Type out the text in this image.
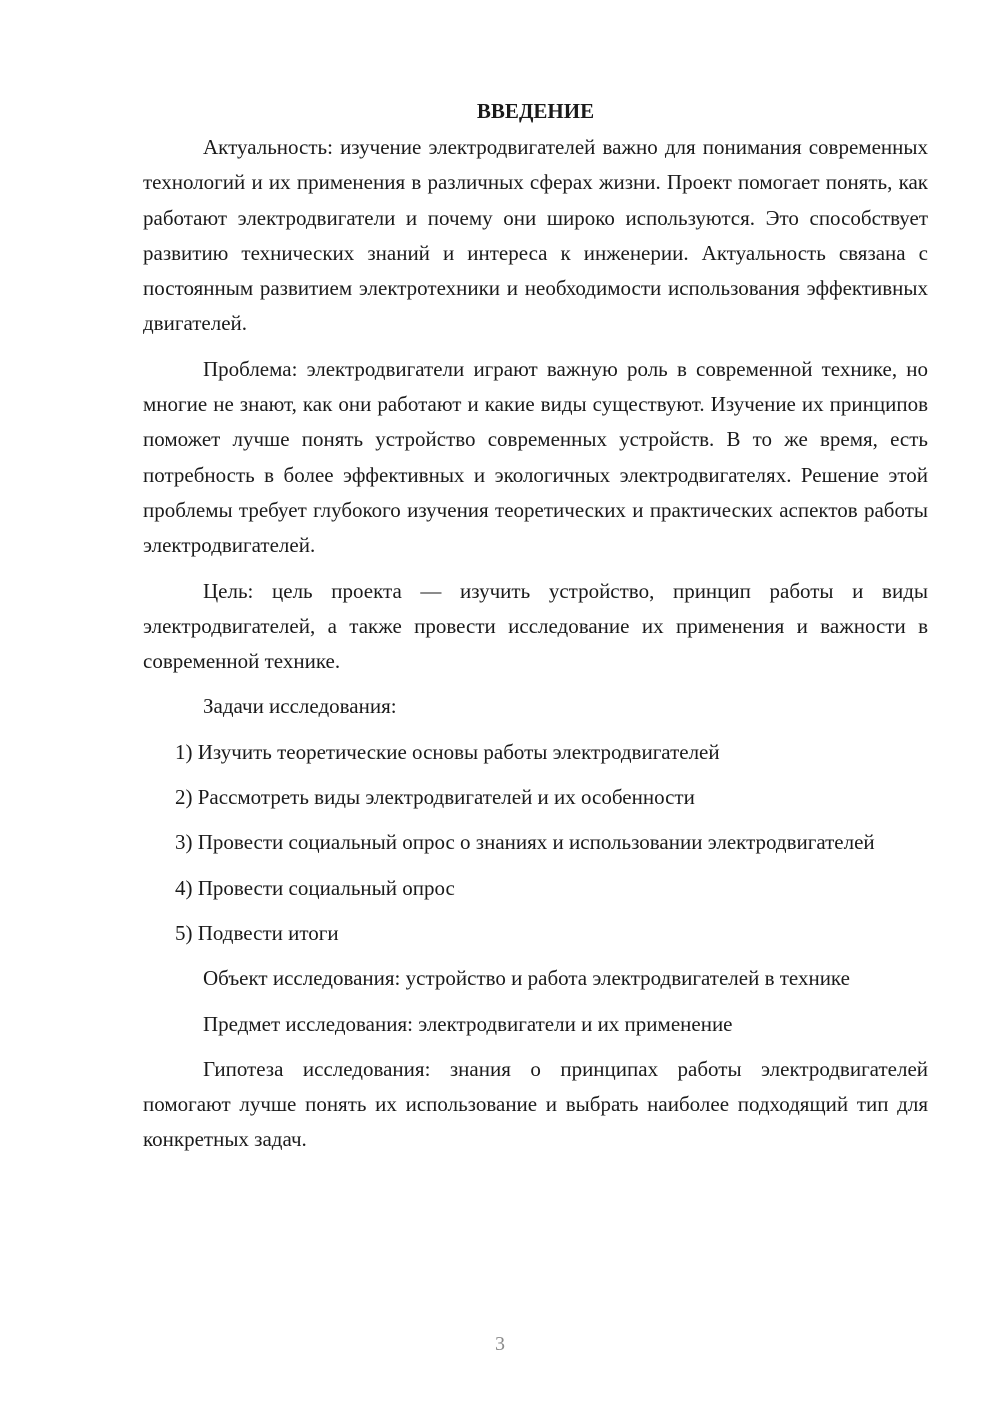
ВВЕДЕНИЕ

Актуальность: изучение электродвигателей важно для понимания современных технологий и их применения в различных сферах жизни. Проект помогает понять, как работают электродвигатели и почему они широко используются. Это способствует развитию технических знаний и интереса к инженерии. Актуальность связана с постоянным развитием электротехники и необходимости использования эффективных двигателей.

Проблема: электродвигатели играют важную роль в современной технике, но многие не знают, как они работают и какие виды существуют. Изучение их принципов поможет лучше понять устройство современных устройств. В то же время, есть потребность в более эффективных и экологичных электродвигателях. Решение этой проблемы требует глубокого изучения теоретических и практических аспектов работы электродвигателей.

Цель: цель проекта — изучить устройство, принцип работы и виды электродвигателей, а также провести исследование их применения и важности в современной технике.

Задачи исследования:

1) Изучить теоретические основы работы электродвигателей

2) Рассмотреть виды электродвигателей и их особенности

3) Провести социальный опрос о знаниях и использовании электродвигателей

4) Провести социальный опрос

5) Подвести итоги

Объект исследования: устройство и работа электродвигателей в технике

Предмет исследования: электродвигатели и их применение

Гипотеза исследования: знания о принципах работы электродвигателей помогают лучше понять их использование и выбрать наиболее подходящий тип для конкретных задач.

3
